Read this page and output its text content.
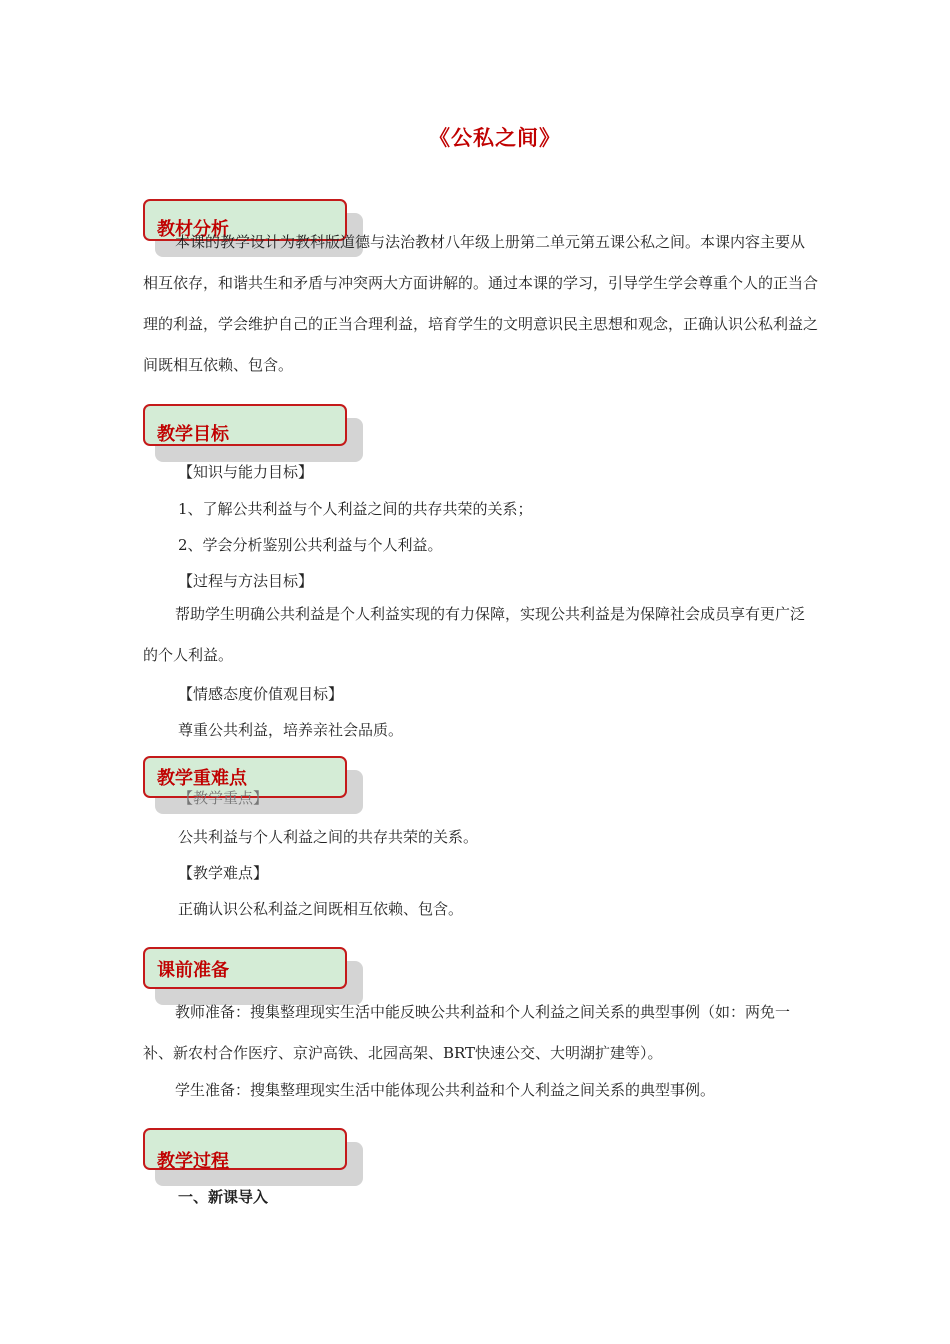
《公私之间》
教材分析

本课的教学设计为教科版道德与法治教材八年级上册第二单元第五课公私之间。本课内容主要从相互依存，和谐共生和矛盾与冲突两大方面讲解的。通过本课的学习，引导学生学会尊重个人的正当合理的利益，学会维护自己的正当合理利益，培育学生的文明意识民主思想和观念，正确认识公私利益之间既相互依赖、包含。

教学目标

【知识与能力目标】

1、了解公共利益与个人利益之间的共存共荣的关系；

2、学会分析鉴别公共利益与个人利益。

【过程与方法目标】

帮助学生明确公共利益是个人利益实现的有力保障，实现公共利益是为保障社会成员享有更广泛的个人利益。

【情感态度价值观目标】

尊重公共利益，培养亲社会品质。

教学重难点

【教学重点】

公共利益与个人利益之间的共存共荣的关系。

【教学难点】

正确认识公私利益之间既相互依赖、包含。

课前准备

教师准备：搜集整理现实生活中能反映公共利益和个人利益之间关系的典型事例（如：两免一补、新农村合作医疗、京沪高铁、北园高架、BRT快速公交、大明湖扩建等）。

学生准备：搜集整理现实生活中能体现公共利益和个人利益之间关系的典型事例。

教学过程

一、新课导入
